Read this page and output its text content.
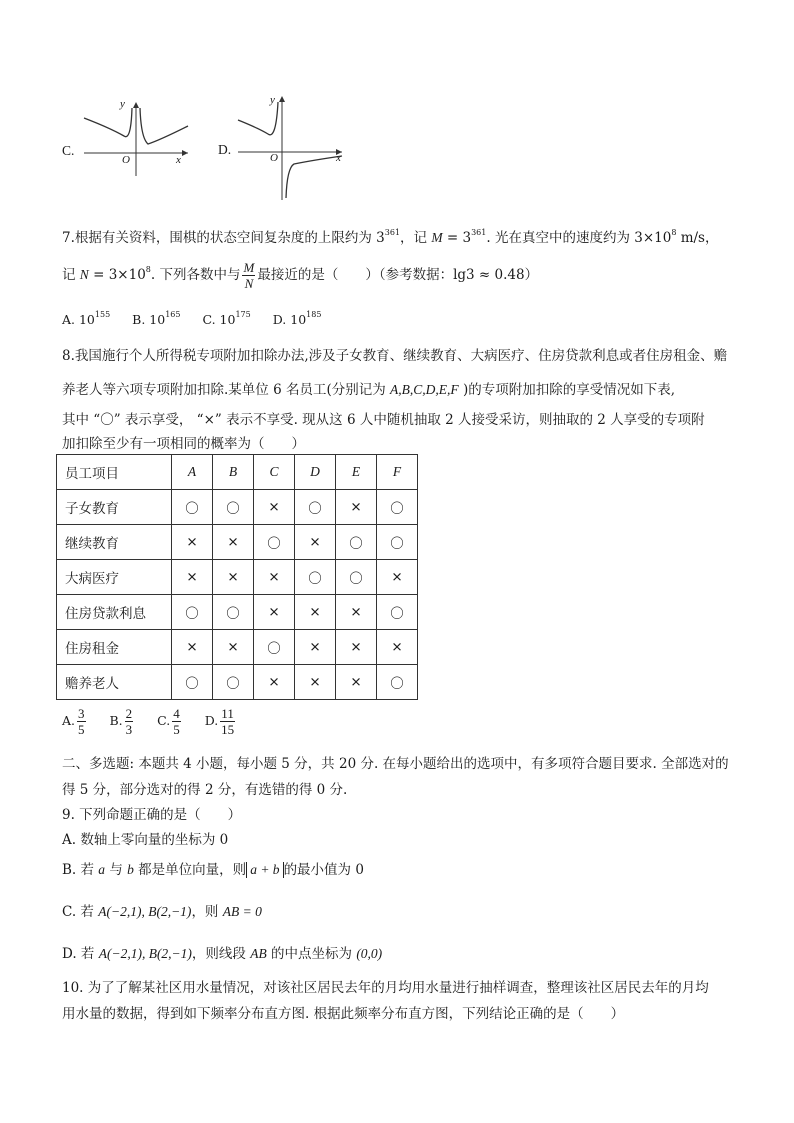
C.
y
O	x
D.
y
O	x
7.根据有关资料，围棋的状态空间复杂度的上限约为 $3^{361}$，记 $M = 3^{361}$. 光在真空中的速度约为 $3\times 10^8$ m/s，
记 $N = 3\times 10^8$. 下列各数中与 $\frac{M}{N}$ 最接近的是（　　）（参考数据：lg3 ≈ 0.48）
A. $10^{155}$ B. $10^{165}$ C. $10^{175}$ D. $10^{185}$
8.我国施行个人所得税专项附加扣除办法,涉及子女教育、继续教育、大病医疗、住房贷款利息或者住房租金、赡
养老人等六项专项附加扣除.某单位 6 名员工(分别记为 A,B,C,D,E,F )的专项附加扣除的享受情况如下表,
其中 “〇” 表示享受， “×” 表示不享受. 现从这 6 人中随机抽取 2 人接受采访，则抽取的 2 人享受的专项附
加扣除至少有一项相同的概率为（　　）
员工项目	A	B	C	D	E	F
子女教育	〇	〇	×	〇	×	〇
继续教育	×	×	〇	×	〇	〇
大病医疗	×	×	×	〇	〇	×
住房贷款利息	〇	〇	×	×	×	〇
住房租金	×	×	〇	×	×	×
赡养老人	〇	〇	×	×	×	〇
A. $\frac{3}{5} B$. $\frac{2}{3} C$. $\frac{4}{5} D$. $\frac{11}{15}$
二、多选题: 本题共 4 小题，每小题 5 分，共 20 分. 在每小题给出的选项中，有多项符合题目要求. 全部选对的
得 5 分，部分选对的得 2 分，有选错的得 0 分.
9. 下列命题正确的是（　　）
A. 数轴上零向量的坐标为 0
B. 若 a 与 b 都是单位向量，则 a + b 的最小值为 0
C. 若 A(−2,1), B(2,−1)，则 AB = 0
D. 若 A(−2,1), B(2,−1)，则线段 AB 的中点坐标为 (0,0)
10. 为了了解某社区用水量情况，对该社区居民去年的月均用水量进行抽样调查，整理该社区居民去年的月均
用水量的数据，得到如下频率分布直方图. 根据此频率分布直方图，下列结论正确的是（　　）
